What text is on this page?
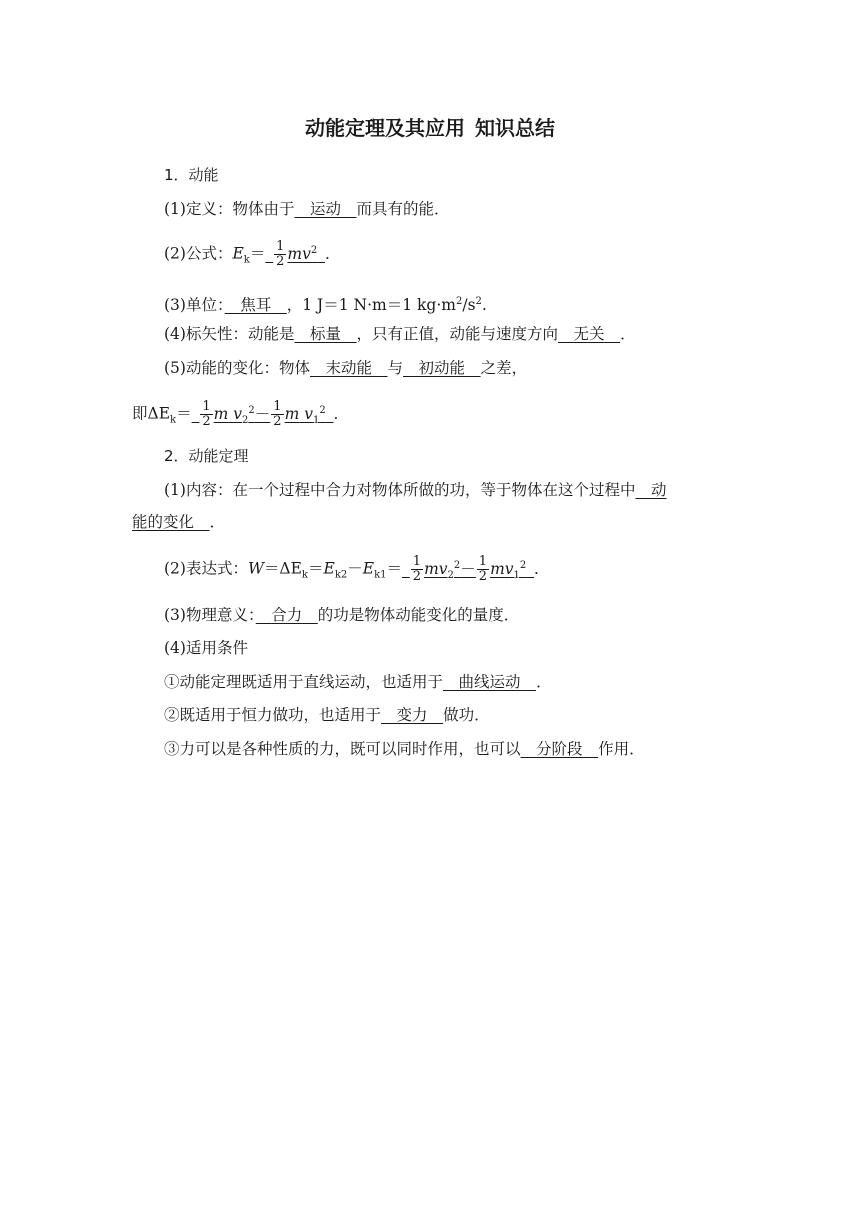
动能定理及其应用 知识总结
1．动能
(1)定义：物体由于　 运动　 而具有的能．
(2)公式：$E_k=$  $\frac{1}{2} mv^2$  ．
(3)单位：　 焦耳　 ，1 J＝1 N·m＝1 $kg\cdot m^2/s^2$.
(4)标矢性：动能是　 标量　 ，只有正值，动能与速度方向　 无关　 ．
(5)动能的变化：物体　 末动能　 与　 初动能　 之差，
即$\Delta E_k=$  $\frac{1}{2}$ m $v_2^2- \frac{1}{2}$ m $v_1^2$  ．
2．动能定理
(1)内容：在一个过程中合力对物体所做的功，等于物体在这个过程中　 动
能的变化　 ．
(2)表达式：$W=\Delta E_k=E_{k2}-E_{k1}=$  $\frac{1}{2} mv_2^2- \frac{1}{2} mv_1^2$  ．
(3)物理意义：　 合力　 的功是物体动能变化的量度．
(4)适用条件
①动能定理既适用于直线运动，也适用于　 曲线运动　 ．
②既适用于恒力做功，也适用于　 变力　 做功．
③力可以是各种性质的力，既可以同时作用，也可以　 分阶段　 作用．
